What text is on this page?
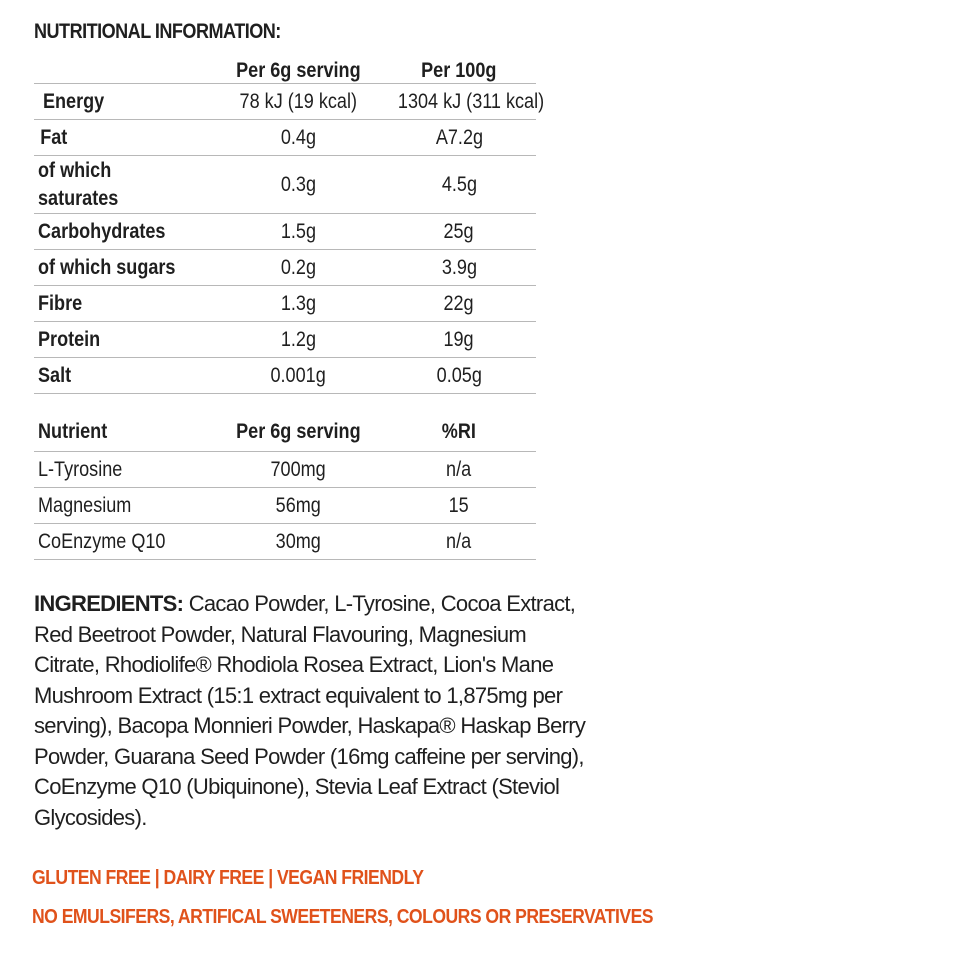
NUTRITIONAL INFORMATION:
	Per 6g serving	Per 100g
Energy	78 kJ (19 kcal)	1304 kJ (311 kcal)
Fat	0.4g	A7.2g
of which saturates	0.3g	4.5g
Carbohydrates	1.5g	25g
of which sugars	0.2g	3.9g
Fibre	1.3g	22g
Protein	1.2g	19g
Salt	0.001g	0.05g
Nutrient	Per 6g serving	%RI
L-Tyrosine	700mg	n/a
Magnesium	56mg	15
CoEnzyme Q10	30mg	n/a
INGREDIENTS: Cacao Powder, L-Tyrosine, Cocoa Extract, Red Beetroot Powder, Natural Flavouring, Magnesium Citrate, Rhodiolife® Rhodiola Rosea Extract, Lion's Mane Mushroom Extract (15:1 extract equivalent to 1,875mg per serving), Bacopa Monnieri Powder, Haskapa® Haskap Berry Powder, Guarana Seed Powder (16mg caffeine per serving), CoEnzyme Q10 (Ubiquinone), Stevia Leaf Extract (Steviol Glycosides).
GLUTEN FREE | DAIRY FREE | VEGAN FRIENDLY
NO EMULSIFERS, ARTIFICAL SWEETENERS, COLOURS OR PRESERVATIVES
